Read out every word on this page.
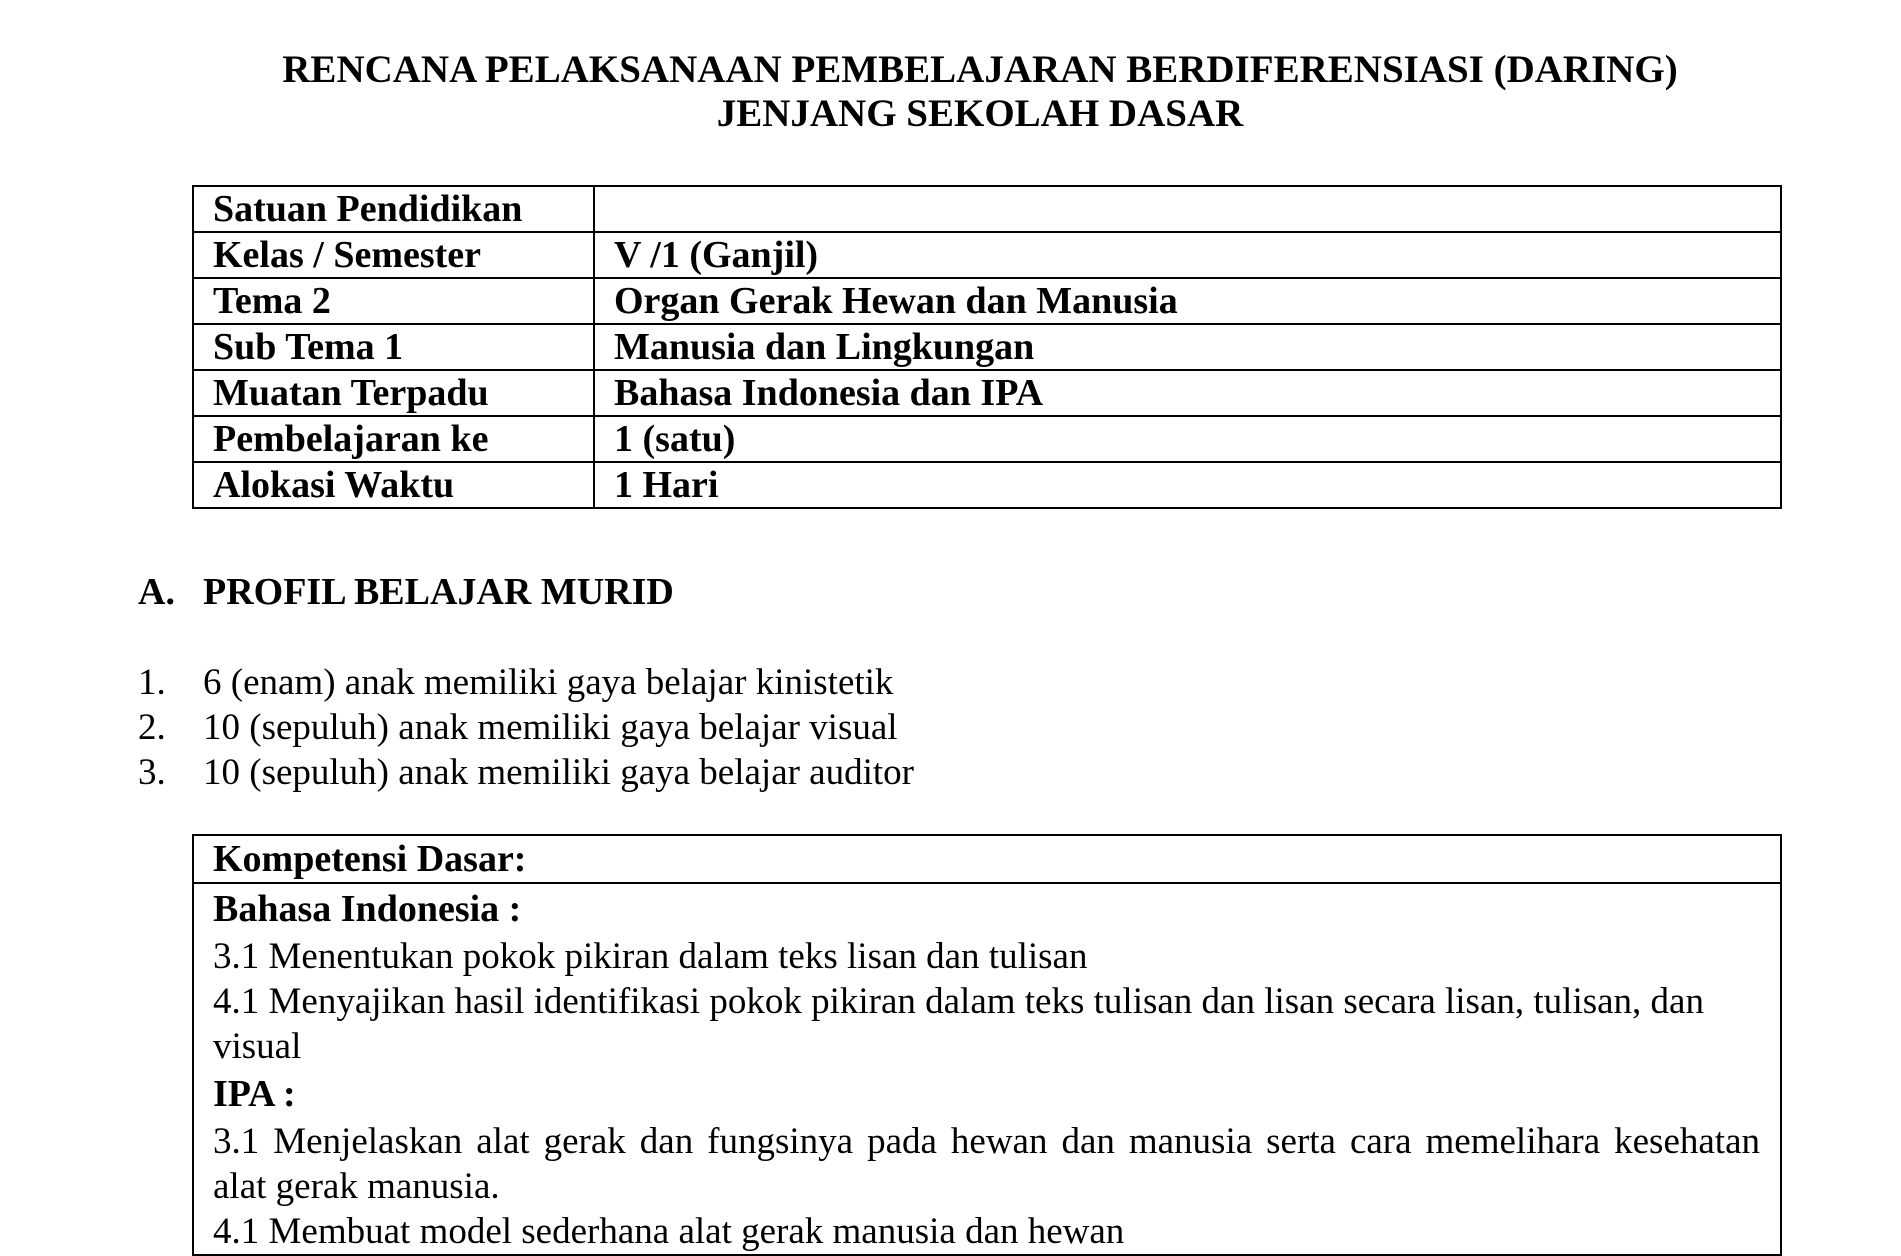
RENCANA PELAKSANAAN PEMBELAJARAN BERDIFERENSIASI (DARING)
JENJANG SEKOLAH DASAR
Satuan Pendidikan	
Kelas / Semester	V /1 (Ganjil)
Tema 2	Organ Gerak Hewan dan Manusia
Sub Tema 1	Manusia dan Lingkungan
Muatan Terpadu	Bahasa Indonesia dan IPA
Pembelajaran ke	1 (satu)
Alokasi Waktu	1 Hari
A. PROFIL BELAJAR MURID
1. 6 (enam) anak memiliki gaya belajar kinistetik
2. 10 (sepuluh) anak memiliki gaya belajar visual
3. 10 (sepuluh) anak memiliki gaya belajar auditor
Kompetensi Dasar:
Bahasa Indonesia :
3.1 Menentukan pokok pikiran dalam teks lisan dan tulisan
4.1 Menyajikan hasil identifikasi pokok pikiran dalam teks tulisan dan lisan secara lisan, tulisan, dan visual
IPA :
3.1 Menjelaskan alat gerak dan fungsinya pada hewan dan manusia serta cara memelihara kesehatan alat gerak manusia.
4.1 Membuat model sederhana alat gerak manusia dan hewan
